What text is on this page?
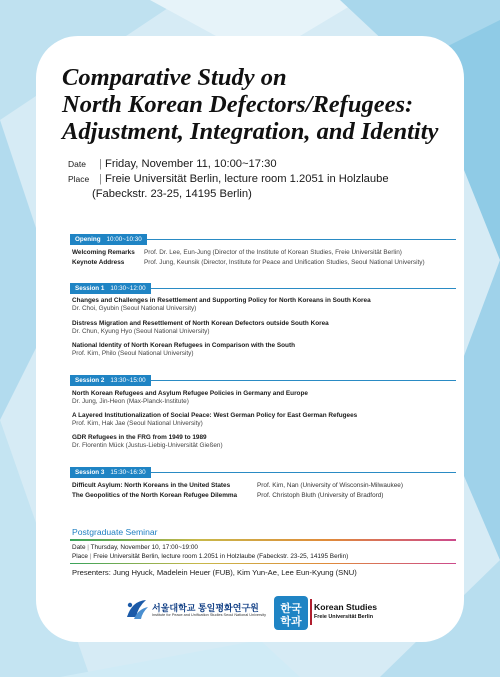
Comparative Study on
North Korean Defectors/Refugees:
Adjustment, Integration, and Identity
Date | Friday, November 11, 10:00~17:30
Place | Freie Universität Berlin, lecture room 1.2051 in Holzlaube
(Fabeckstr. 23-25, 14195 Berlin)
Opening 10:00~10:30
Welcoming Remarks Prof. Dr. Lee, Eun-Jung (Director of the Institute of Korean Studies, Freie Universität Berlin)
Keynote Address	Prof. Jung, Keunsik (Director, Institute for Peace and Unification Studies, Seoul National University)
Session 1 10:30~12:00
Changes and Challenges in Resettlement and Supporting Policy for North Koreans in South Korea
Dr. Choi, Gyubin (Seoul National University)
Distress Migration and Resettlement of North Korean Defectors outside South Korea
Dr. Chun, Kyung Hyo (Seoul National University)
National Identity of North Korean Refugees in Comparison with the South
Prof. Kim, Philo (Seoul National University)
Session 2 13:30~15:00
North Korean Refugees and Asylum Refugee Policies in Germany and Europe
Dr. Jung, Jin-Heon (Max-Planck-Institute)
A Layered Institutionalization of Social Peace: West German Policy for East German Refugees
Prof. Kim, Hak Jae (Seoul National University)
GDR Refugees in the FRG from 1949 to 1989
Dr. Florentin Mück (Justus-Liebig-Universität Gießen)
Session 3 15:30~16:30
Difficult Asylum: North Koreans in the United States	Prof. Kim, Nan (University of Wisconsin-Milwaukee)
The Geopolitics of the North Korean Refugee Dilemma	Prof. Christoph Bluth (University of Bradford)
Postgraduate Seminar
Date | Thursday, November 10, 17:00~19:00
Place | Freie Universität Berlin, lecture room 1.2051 in Holzlaube (Fabeckstr. 23-25, 14195 Berlin)
Presenters: Jung Hyuck, Madelein Heuer (FUB), Kim Yun-Ae, Lee Eun-Kyung (SNU)
서울대학교 통일평화연구원
Institute for Peace and Unification Studies Seoul National University 한국
학과
Korean Studies
Freie Universität Berlin
